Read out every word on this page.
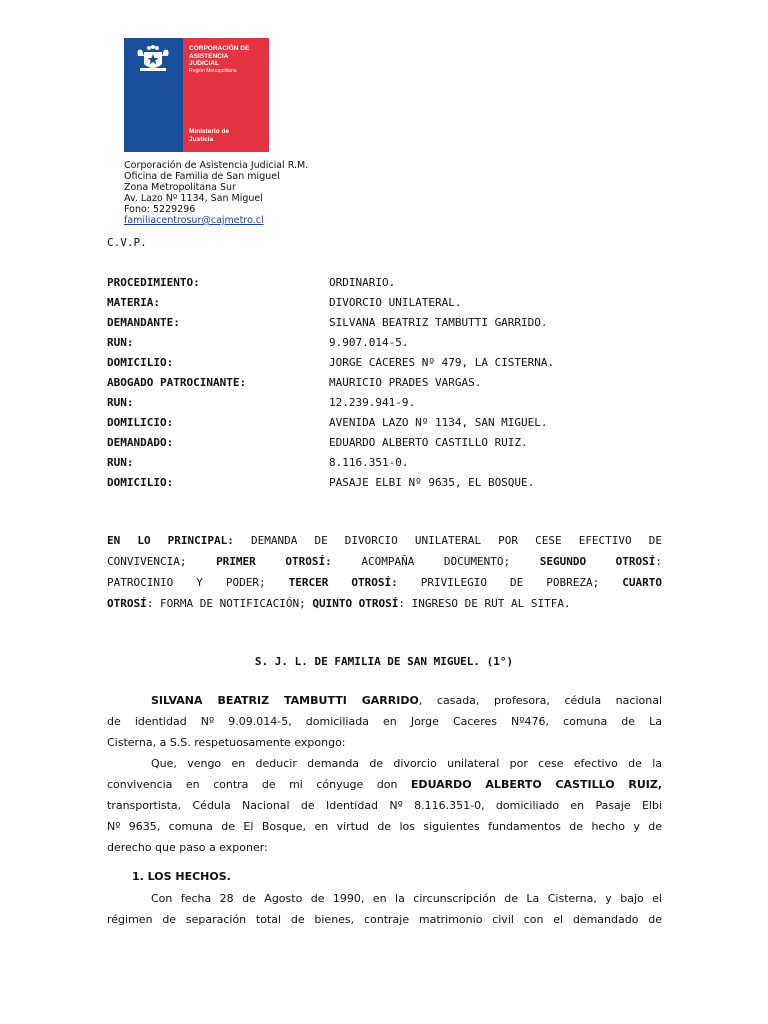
CORPORACIÓN DE
ASISTENCIA
JUDICIAL
Región Metropolitana
Ministerio de
Justicia
Corporación de Asistencia Judicial R.M.
Oficina de Familia de San miguel
Zona Metropolitana Sur
Av. Lazo Nº 1134, San Miguel
Fono: 5229296
familiacentrosur@cajmetro.cl
C.V.P.
PROCEDIMIENTO:	ORDINARIO.
MATERIA:	DIVORCIO UNILATERAL.
DEMANDANTE:	SILVANA BEATRIZ TAMBUTTI GARRIDO.
RUN:	9.907.014-5.
DOMICILIO:	JORGE CACERES Nº 479, LA CISTERNA.
ABOGADO PATROCINANTE:	MAURICIO PRADES VARGAS.
RUN:	12.239.941-9.
DOMILICIO:	AVENIDA LAZO Nº 1134, SAN MIGUEL.
DEMANDADO:	EDUARDO ALBERTO CASTILLO RUIZ.
RUN:	8.116.351-0.
DOMICILIO:	PASAJE ELBI Nº 9635, EL BOSQUE.
EN LO PRINCIPAL: DEMANDA DE DIVORCIO UNILATERAL POR CESE EFECTIVO DE
CONVIVENCIA; PRIMER OTROSÍ: ACOMPAÑA DOCUMENTO; SEGUNDO OTROSÍ:
PATROCINIO Y PODER; TERCER OTROSÍ: PRIVILEGIO DE POBREZA; CUARTO
OTROSÍ: FORMA DE NOTIFICACIÓN; QUINTO OTROSÍ: INGRESO DE RUT AL SITFA.
S. J. L. DE FAMILIA DE SAN MIGUEL. (1°)
SILVANA BEATRIZ TAMBUTTI GARRIDO, casada, profesora, cédula nacional
de identidad Nº 9.09.014-5, domiciliada en Jorge Caceres Nº476, comuna de La
Cisterna, a S.S. respetuosamente expongo:
Que, vengo en deducir demanda de divorcio unilateral por cese efectivo de la
convivencia en contra de mi cónyuge don EDUARDO ALBERTO CASTILLO RUIZ,
transportista, Cédula Nacional de Identidad Nº 8.116.351-0, domiciliado en Pasaje Elbi
Nº 9635, comuna de El Bosque, en virtud de los siguientes fundamentos de hecho y de
derecho que paso a exponer:
1. LOS HECHOS.
Con fecha 28 de Agosto de 1990, en la circunscripción de La Cisterna, y bajo el
régimen de separación total de bienes, contraje matrimonio civil con el demandado de
